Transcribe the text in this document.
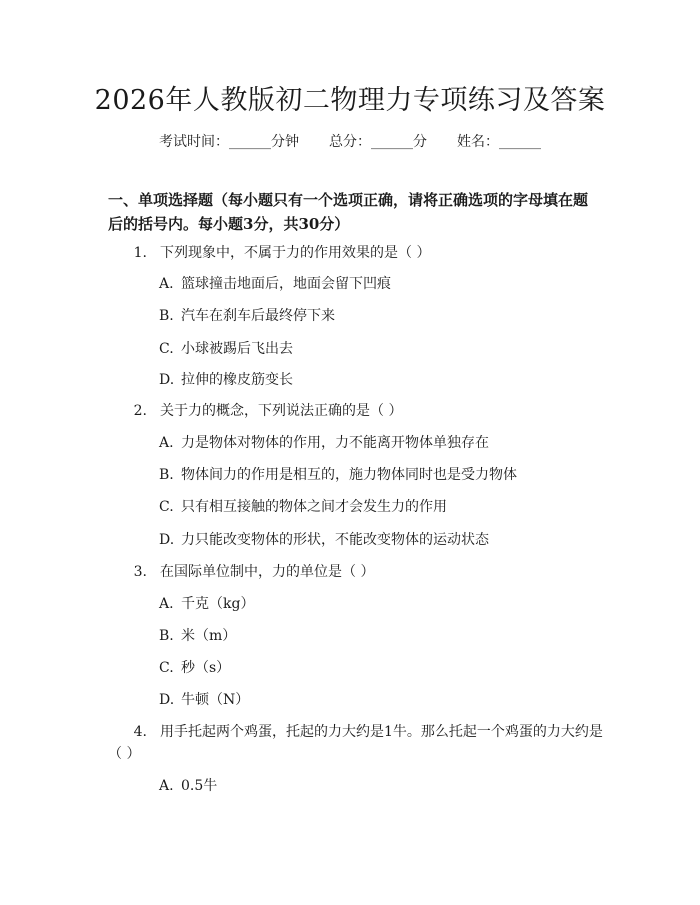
2026年人教版初二物理力专项练习及答案
考试时间：______分钟 总分：______分 姓名：______
一、单项选择题（每小题只有一个选项正确，请将正确选项的字母填在题后的括号内。每小题3分，共30分）
1. 下列现象中，不属于力的作用效果的是（ ）
A. 篮球撞击地面后，地面会留下凹痕
B. 汽车在刹车后最终停下来
C. 小球被踢后飞出去
D. 拉伸的橡皮筋变长
2. 关于力的概念，下列说法正确的是（ ）
A. 力是物体对物体的作用，力不能离开物体单独存在
B. 物体间力的作用是相互的，施力物体同时也是受力物体
C. 只有相互接触的物体之间才会发生力的作用
D. 力只能改变物体的形状，不能改变物体的运动状态
3. 在国际单位制中，力的单位是（ ）
A. 千克（kg）
B. 米（m）
C. 秒（s）
D. 牛顿（N）
4. 用手托起两个鸡蛋，托起的力大约是1牛。那么托起一个鸡蛋的力大约是
（ ）
A. 0.5牛
